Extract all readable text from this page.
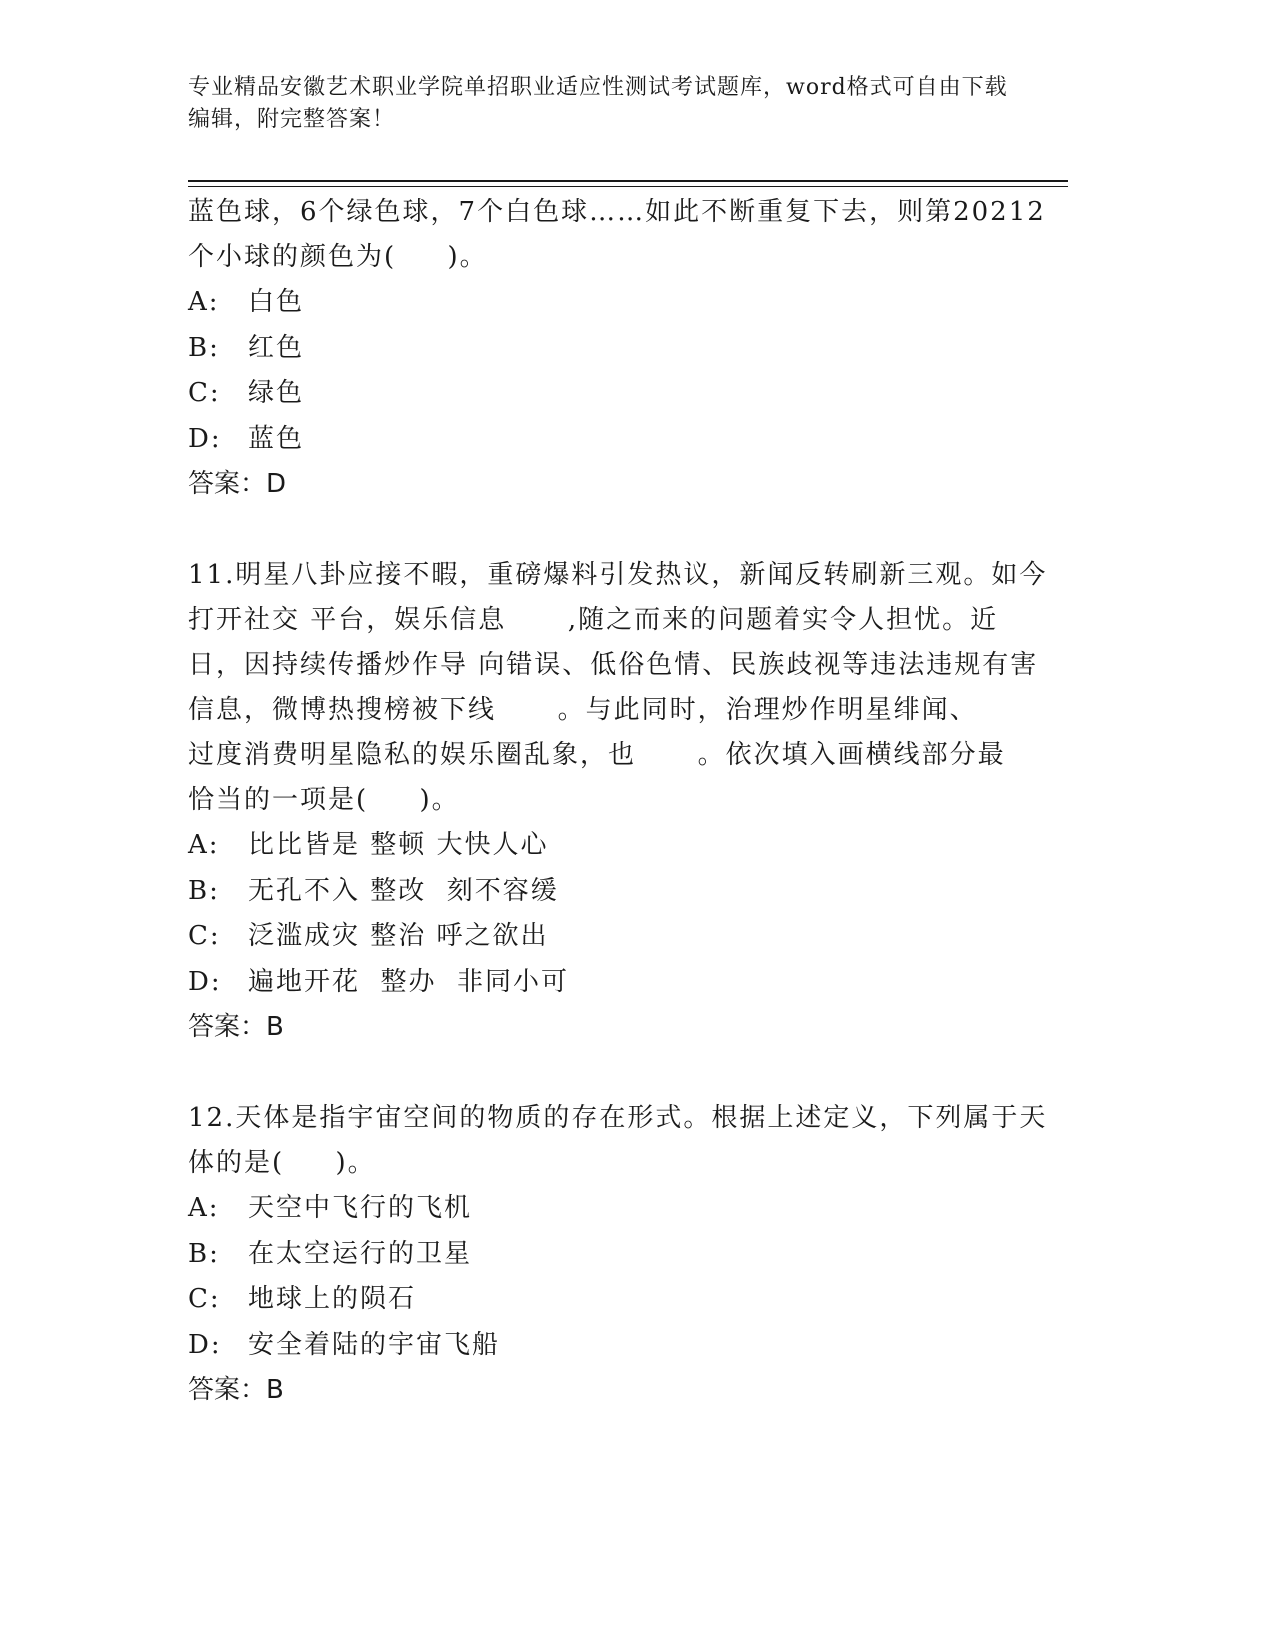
专业精品安徽艺术职业学院单招职业适应性测试考试题库，word格式可自由下载
编辑，附完整答案！
蓝色球，6个绿色球，7个白色球……如此不断重复下去，则第20212
个小球的颜色为(     )。
A: 白色
B: 红色
C: 绿色
D: 蓝色
答案：D
11.明星八卦应接不暇，重磅爆料引发热议，新闻反转刷新三观。如今
打开社交 平台，娱乐信息      ,随之而来的问题着实令人担忧。近
日，因持续传播炒作导 向错误、低俗色情、民族歧视等违法违规有害
信息，微博热搜榜被下线      。与此同时，治理炒作明星绯闻、
过度消费明星隐私的娱乐圈乱象，也      。依次填入画横线部分最
恰当的一项是(     )。
A: 比比皆是 整顿 大快人心
B: 无孔不入 整改  刻不容缓
C: 泛滥成灾 整治 呼之欲出
D: 遍地开花  整办  非同小可
答案：B
12.天体是指宇宙空间的物质的存在形式。根据上述定义，下列属于天
体的是(     )。
A: 天空中飞行的飞机
B: 在太空运行的卫星
C: 地球上的陨石
D: 安全着陆的宇宙飞船
答案：B
